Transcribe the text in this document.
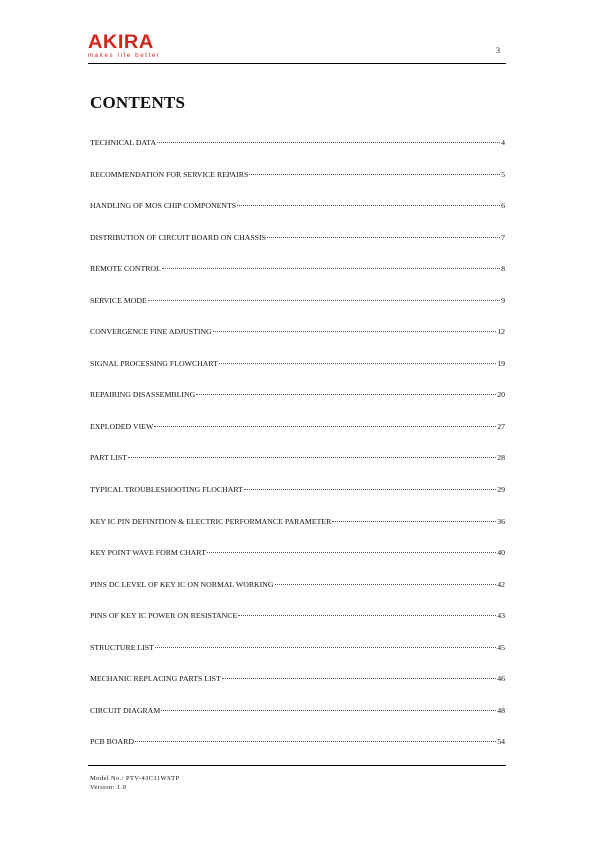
AKIRA
makes life better
3
CONTENTS
TECHNICAL DATA	4
RECOMMENDATION FOR SERVICE REPAIRS	5
HANDLING OF MOS CHIP COMPONENTS	6
DISTRIBUTION OF CIRCUIT BOARD ON CHASSIS	7
REMOTE CONTROL	8
SERVICE MODE	9
CONVERGENCE FINE ADJUSTING	12
SIGNAL PROCESSING FLOWCHART	19
REPAIRING DISASSEMBLING	20
EXPLODED VIEW	27
PART LIST	28
TYPICAL TROUBLESHOOTING FLOCHART	29
KEY IC PIN DEFINITION & ELECTRIC PERFORMANCE PARAMETER	36
KEY POINT WAVE FORM CHART	40
PINS DC LEVEL OF KEY IC ON NORMAL WORKING	42
PINS OF KEY IC POWER ON RESISTANCE	43
STRUCTURE LIST	45
MECHANIC REPLACING PARTS LIST	46
CIRCUIT DIAGRAM	48
PCB BOARD	54
Model No.: PTV-43C11WSTP
Version: 1.0
